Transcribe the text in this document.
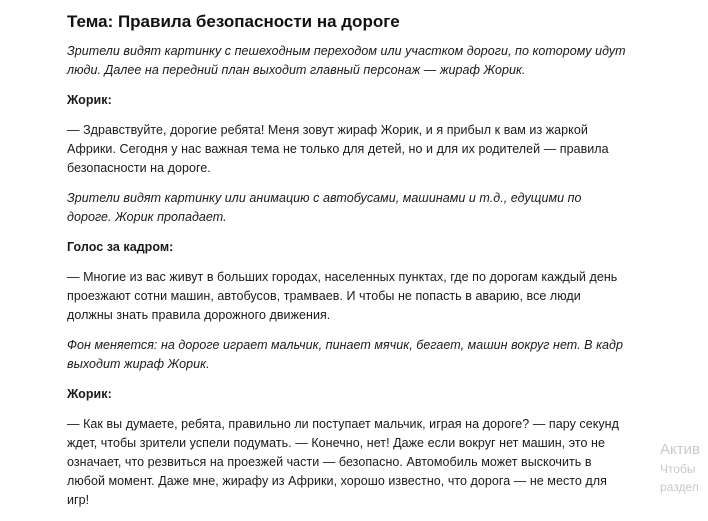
Тема: Правила безопасности на дороге

Зрители видят картинку с пешеходным переходом или участком дороги, по которому идут люди. Далее на передний план выходит главный персонаж — жираф Жорик.

Жорик:

— Здравствуйте, дорогие ребята! Меня зовут жираф Жорик, и я прибыл к вам из жаркой Африки. Сегодня у нас важная тема не только для детей, но и для их родителей — правила безопасности на дороге.

Зрители видят картинку или анимацию с автобусами, машинами и т.д., едущими по дороге. Жорик пропадает.

Голос за кадром:

— Многие из вас живут в больших городах, населенных пунктах, где по дорогам каждый день проезжают сотни машин, автобусов, трамваев. И чтобы не попасть в аварию, все люди должны знать правила дорожного движения.

Фон меняется: на дороге играет мальчик, пинает мячик, бегает, машин вокруг нет. В кадр выходит жираф Жорик.

Жорик:

— Как вы думаете, ребята, правильно ли поступает мальчик, играя на дороге? — пару секунд ждет, чтобы зрители успели подумать. — Конечно, нет! Даже если вокруг нет машин, это не означает, что резвиться на проезжей части — безопасно. Автомобиль может выскочить в любой момент. Даже мне, жирафу из Африки, хорошо известно, что дорога — не место для игр!

Актив
Чтобы
раздел
